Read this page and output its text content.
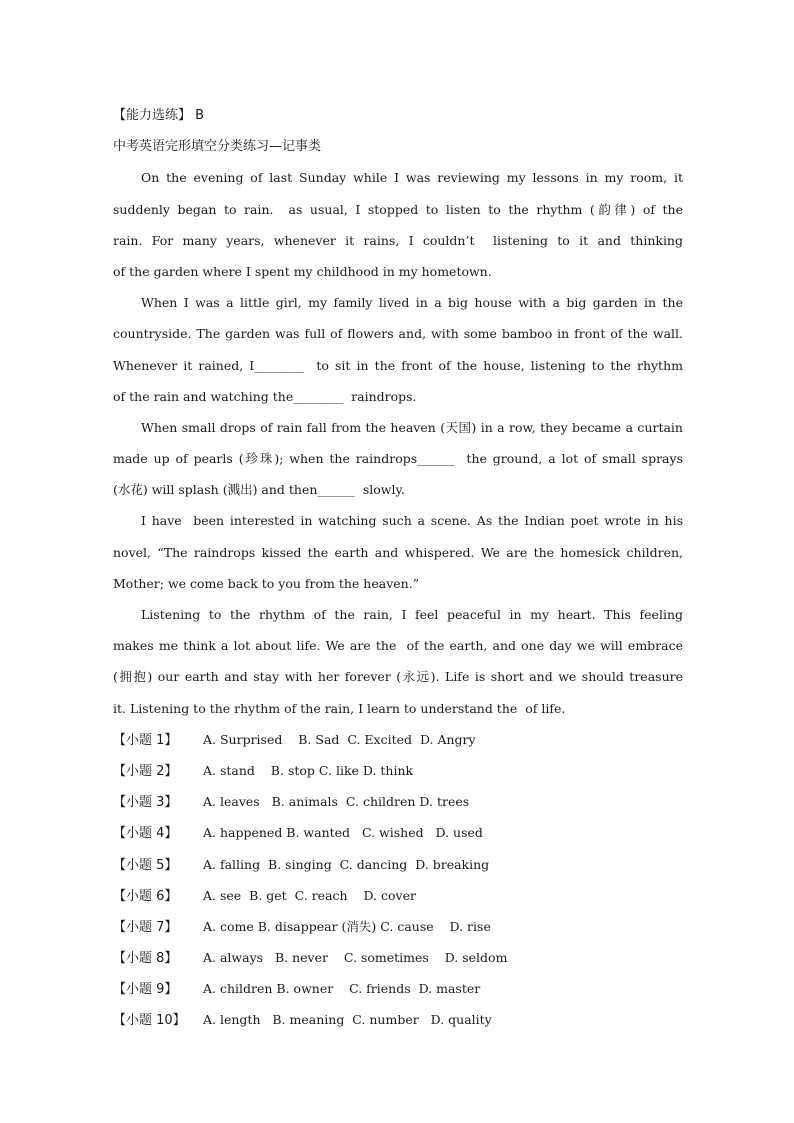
【能力选练】 B
中考英语完形填空分类练习—记事类
On the evening of last Sunday while I was reviewing my lessons in my room, it
suddenly began to rain.  as usual, I stopped to listen to the rhythm (韵律) of the
rain. For many years, whenever it rains, I couldn’t  listening to it and thinking
of the garden where I spent my childhood in my hometown.
When I was a little girl, my family lived in a big house with a big garden in the
countryside. The garden was full of flowers and, with some bamboo in front of the wall.
Whenever it rained, I________  to sit in the front of the house, listening to the rhythm
of the rain and watching the________  raindrops.
When small drops of rain fall from the heaven (天国) in a row, they became a curtain
made up of pearls (珍珠); when the raindrops______  the ground, a lot of small sprays
(水花) will splash (溅出) and then______  slowly.
I have  been interested in watching such a scene. As the Indian poet wrote in his
novel, “The raindrops kissed the earth and whispered. We are the homesick children,
Mother; we come back to you from the heaven.”
Listening to the rhythm of the rain, I feel peaceful in my heart. This feeling
makes me think a lot about life. We are the  of the earth, and one day we will embrace
(拥抱) our earth and stay with her forever (永远). Life is short and we should treasure
it. Listening to the rhythm of the rain, I learn to understand the  of life.
【小题 1】 A. Surprised    B. Sad  C. Excited  D. Angry
【小题 2】 A. stand    B. stop C. like D. think
【小题 3】 A. leaves   B. animals  C. children D. trees
【小题 4】 A. happened B. wanted   C. wished   D. used
【小题 5】 A. falling  B. singing  C. dancing  D. breaking
【小题 6】 A. see  B. get  C. reach    D. cover
【小题 7】 A. come B. disappear (消失) C. cause    D. rise
【小题 8】 A. always   B. never    C. sometimes    D. seldom
【小题 9】 A. children B. owner    C. friends  D. master
【小题 10】 A. length   B. meaning  C. number   D. quality
